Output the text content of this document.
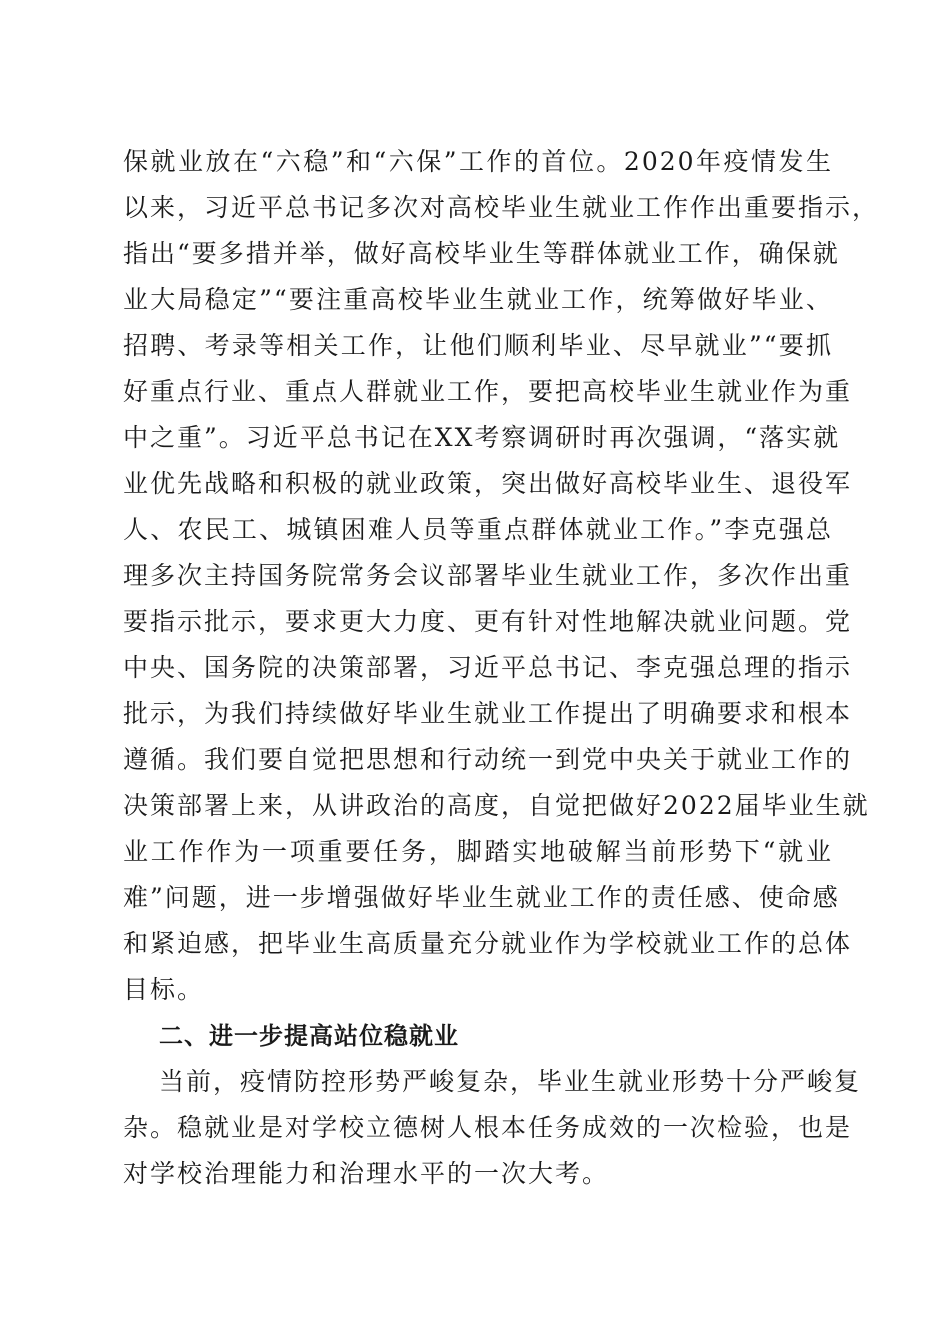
保就业放在“六稳”和“六保”工作的首位。2020年疫情发生
以来，习近平总书记多次对高校毕业生就业工作作出重要指示，
指出“要多措并举，做好高校毕业生等群体就业工作，确保就
业大局稳定”“要注重高校毕业生就业工作，统筹做好毕业、
招聘、考录等相关工作，让他们顺利毕业、尽早就业”“要抓
好重点行业、重点人群就业工作，要把高校毕业生就业作为重
中之重”。习近平总书记在XX考察调研时再次强调，“落实就
业优先战略和积极的就业政策，突出做好高校毕业生、退役军
人、农民工、城镇困难人员等重点群体就业工作。”李克强总
理多次主持国务院常务会议部署毕业生就业工作，多次作出重
要指示批示，要求更大力度、更有针对性地解决就业问题。党
中央、国务院的决策部署，习近平总书记、李克强总理的指示
批示，为我们持续做好毕业生就业工作提出了明确要求和根本
遵循。我们要自觉把思想和行动统一到党中央关于就业工作的
决策部署上来，从讲政治的高度，自觉把做好2022届毕业生就
业工作作为一项重要任务，脚踏实地破解当前形势下“就业
难”问题，进一步增强做好毕业生就业工作的责任感、使命感
和紧迫感，把毕业生高质量充分就业作为学校就业工作的总体
目标。
二、进一步提高站位稳就业
当前，疫情防控形势严峻复杂，毕业生就业形势十分严峻复
杂。稳就业是对学校立德树人根本任务成效的一次检验，也是
对学校治理能力和治理水平的一次大考。
